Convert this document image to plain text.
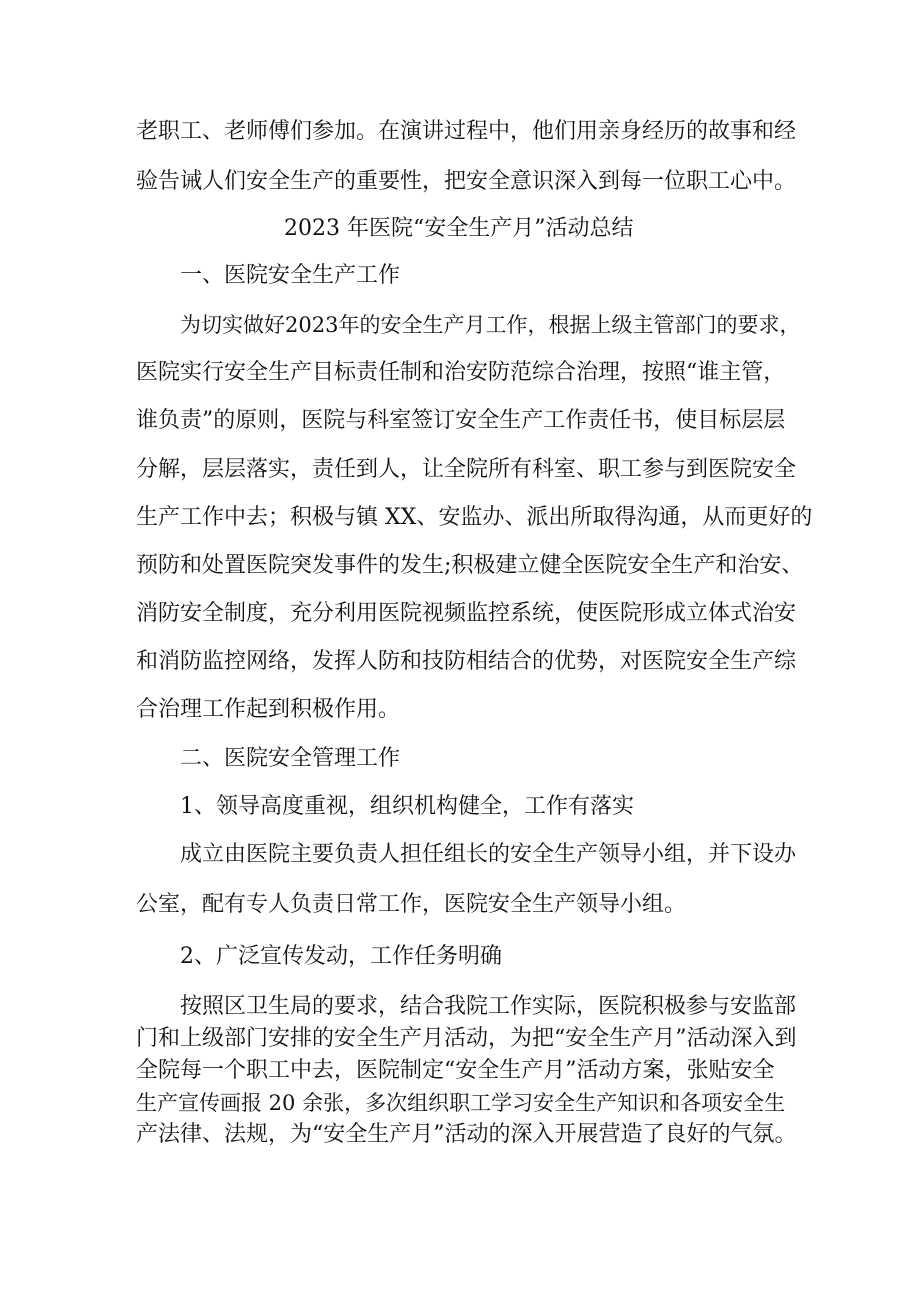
老职工、老师傅们参加。在演讲过程中，他们用亲身经历的故事和经
验告诫人们安全生产的重要性，把安全意识深入到每一位职工心中。
2023 年医院“安全生产月”活动总结
一、医院安全生产工作
为切实做好2023年的安全生产月工作，根据上级主管部门的要求，
医院实行安全生产目标责任制和治安防范综合治理，按照“谁主管，
谁负责”的原则，医院与科室签订安全生产工作责任书，使目标层层
分解，层层落实，责任到人，让全院所有科室、职工参与到医院安全
生产工作中去；积极与镇 XX、安监办、派出所取得沟通，从而更好的
预防和处置医院突发事件的发生;积极建立健全医院安全生产和治安、
消防安全制度，充分利用医院视频监控系统，使医院形成立体式治安
和消防监控网络，发挥人防和技防相结合的优势，对医院安全生产综
合治理工作起到积极作用。
二、医院安全管理工作
1、领导高度重视，组织机构健全，工作有落实
成立由医院主要负责人担任组长的安全生产领导小组，并下设办
公室，配有专人负责日常工作，医院安全生产领导小组。
2、广泛宣传发动，工作任务明确
按照区卫生局的要求，结合我院工作实际，医院积极参与安监部
门和上级部门安排的安全生产月活动，为把“安全生产月”活动深入到
全院每一个职工中去，医院制定“安全生产月”活动方案，张贴安全
生产宣传画报 20 余张，多次组织职工学习安全生产知识和各项安全生
产法律、法规，为“安全生产月”活动的深入开展营造了良好的气氛。
